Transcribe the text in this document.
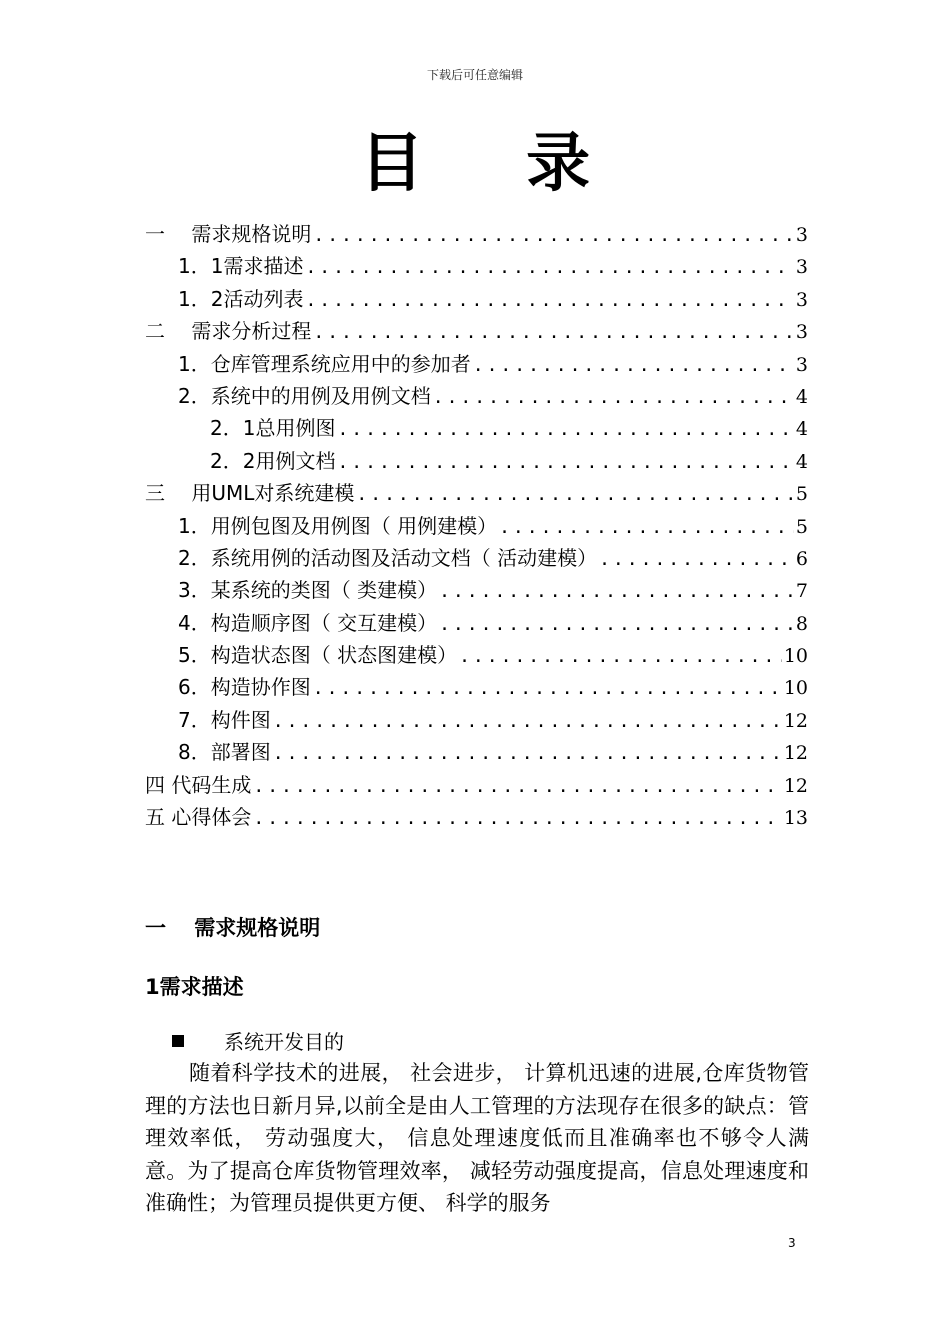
下载后可任意编辑
目 录
一　 需求规格说明 .....	3
1．1需求描述 .....	3
1．2活动列表 .....	3
二　 需求分析过程 .....	3
1．仓库管理系统应用中的参加者 .....	3
2．系统中的用例及用例文档 .....	4
2．1总用例图 .....	4
2．2用例文档 .....	4
三　 用UML对系统建模 .....	5
1．用例包图及用例图（ 用例建模） .....	5
2．系统用例的活动图及活动文档（ 活动建模） .....	6
3．某系统的类图（ 类建模） .....	7
4．构造顺序图（ 交互建模） .....	8
5．构造状态图（ 状态图建模） .....	10
6．构造协作图 .....	10
7．构件图 .....	12
8．部署图 .....	12
四 代码生成 .....	12
五 心得体会 .....	13
一　 需求规格说明
1需求描述
系统开发目的
随着科学技术的进展， 社会进步， 计算机迅速的进展,仓库货物管理的方法也日新月异,以前全是由人工管理的方法现存在很多的缺点：管理效率低， 劳动强度大， 信息处理速度低而且准确率也不够令人满意。为了提高仓库货物管理效率， 减轻劳动强度提高，信息处理速度和准确性；为管理员提供更方便、 科学的服务
3
